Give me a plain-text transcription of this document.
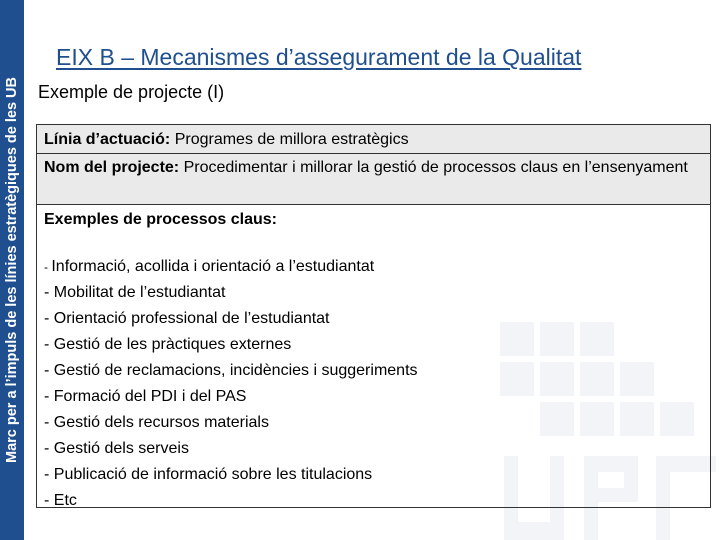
Marc per a l’impuls de les línies estratègiques de les UB
EIX B – Mecanismes d’assegurament de la Qualitat
Exemple de projecte (I)
Línia d’actuació: Programes de millora estratègics
Nom del projecte: Procedimentar i millorar la gestió de processos claus en l’ensenyament
Exemples de processos claus:
- Informació, acollida i orientació a l’estudiantat
- Mobilitat de l’estudiantat
- Orientació professional de l’estudiantat
- Gestió de les pràctiques externes
- Gestió de reclamacions, incidències i suggeriments
- Formació del PDI i del PAS
- Gestió dels recursos materials
- Gestió dels serveis
- Publicació de informació sobre les titulacions
- Etc
